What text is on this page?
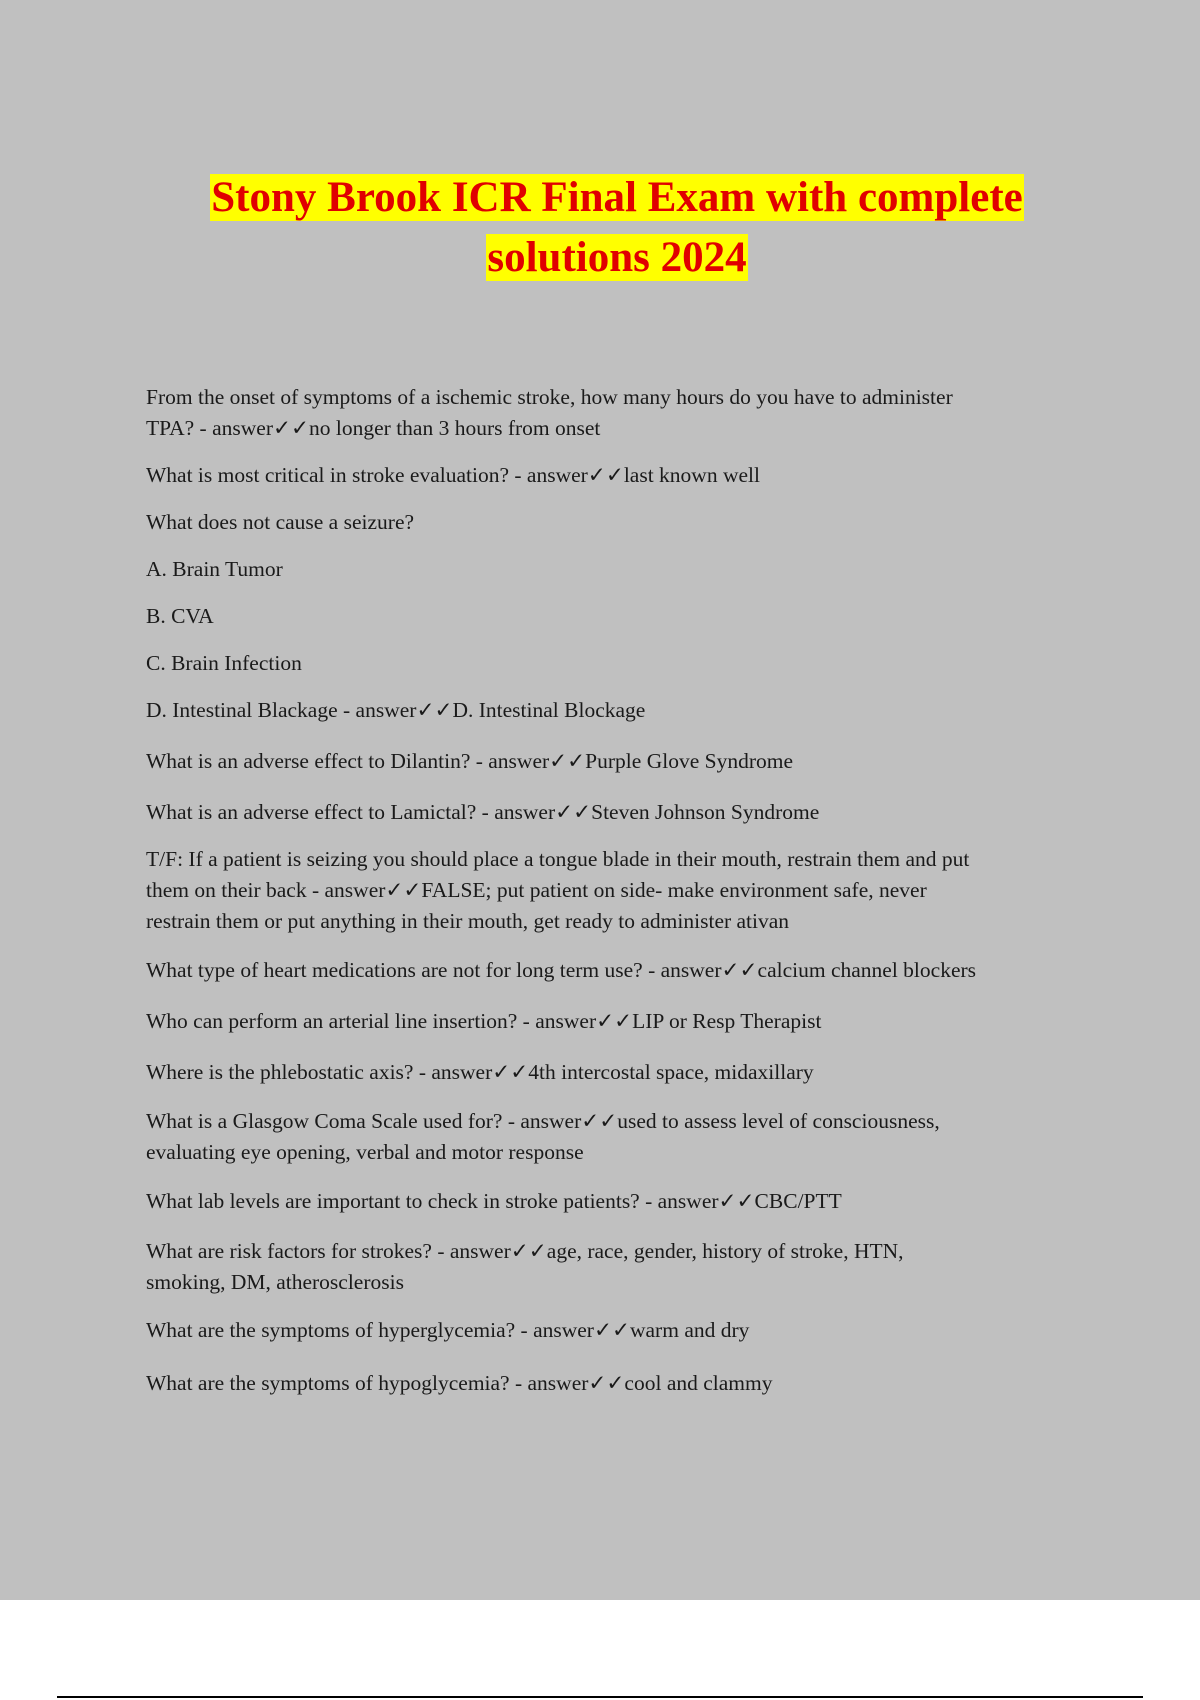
Stony Brook ICR Final Exam with complete
solutions 2024

From the onset of symptoms of a ischemic stroke, how many hours do you have to administer
TPA? - answer✓✓no longer than 3 hours from onset

What is most critical in stroke evaluation? - answer✓✓last known well

What does not cause a seizure?

A. Brain Tumor

B. CVA

C. Brain Infection

D. Intestinal Blackage - answer✓✓D. Intestinal Blockage

What is an adverse effect to Dilantin? - answer✓✓Purple Glove Syndrome

What is an adverse effect to Lamictal? - answer✓✓Steven Johnson Syndrome

T/F: If a patient is seizing you should place a tongue blade in their mouth, restrain them and put
them on their back - answer✓✓FALSE; put patient on side- make environment safe, never
restrain them or put anything in their mouth, get ready to administer ativan

What type of heart medications are not for long term use? - answer✓✓calcium channel blockers

Who can perform an arterial line insertion? - answer✓✓LIP or Resp Therapist

Where is the phlebostatic axis? - answer✓✓4th intercostal space, midaxillary

What is a Glasgow Coma Scale used for? - answer✓✓used to assess level of consciousness,
evaluating eye opening, verbal and motor response

What lab levels are important to check in stroke patients? - answer✓✓CBC/PTT

What are risk factors for strokes? - answer✓✓age, race, gender, history of stroke, HTN,
smoking, DM, atherosclerosis

What are the symptoms of hyperglycemia? - answer✓✓warm and dry

What are the symptoms of hypoglycemia? - answer✓✓cool and clammy
